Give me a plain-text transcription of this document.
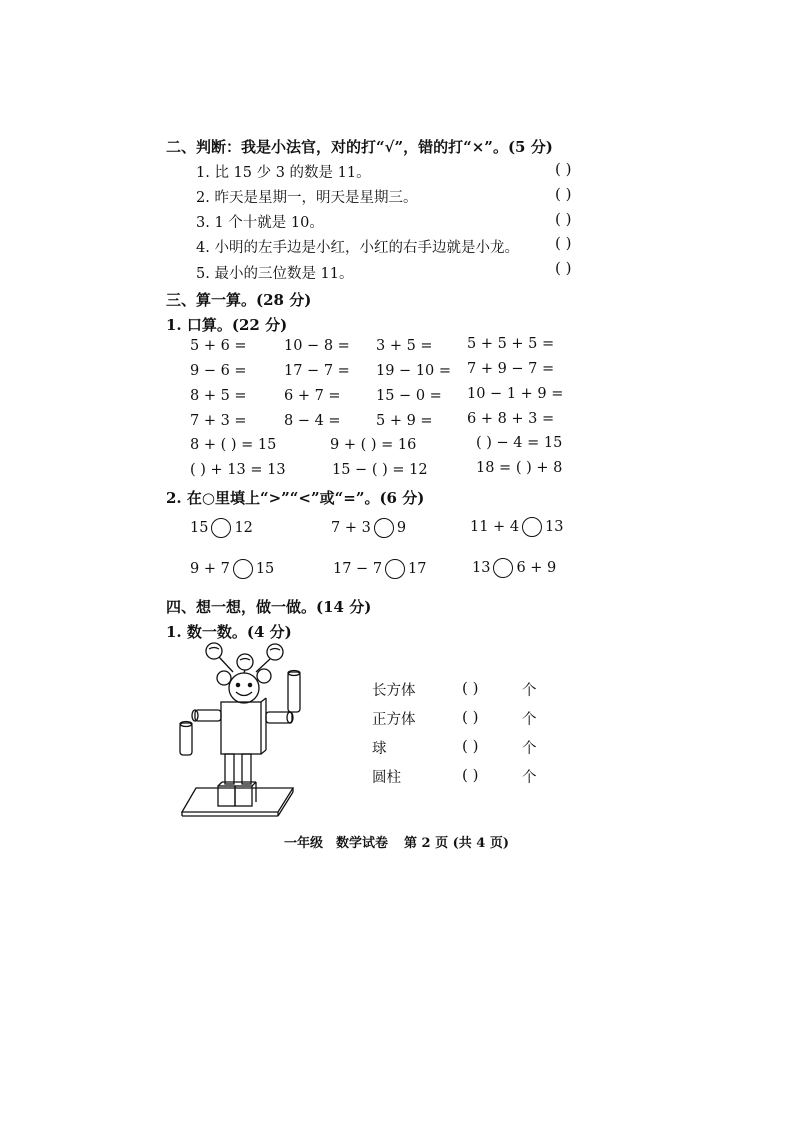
二、判断：我是小法官，对的打“√”，错的打“×”。(5 分)
1. 比 15 少 3 的数是 11。	( )
2. 昨天是星期一，明天是星期三。	( )
3. 1 个十就是 10。	( )
4. 小明的左手边是小红，小红的右手边就是小龙。 ( )
5. 最小的三位数是 11。	( )
三、算一算。(28 分)
1. 口算。(22 分)
5 + 6 =	10 − 8 = 3 + 5 = 5 + 5 + 5 =
9 − 6 =	17 − 7 = 19 − 10 = 7 + 9 − 7 =
8 + 5 =	6 + 7 = 15 − 0 = 10 − 1 + 9 =
7 + 3 =	8 − 4 = 5 + 9 = 6 + 8 + 3 =
8 + ( ) = 15	9 + ( ) = 16	( ) − 4 = 15
( ) + 13 = 13	15 − ( ) = 12	18 = ( ) + 8
2. 在○里填上“>”“<”或“=”。(6 分)
15 12	7 + 3 9	11 + 4 13
9 + 7 15	17 − 7 17	13 6 + 9
四、想一想，做一做。(14 分)
1. 数一数。(4 分)
长方体	( )	个
正方体	( )	个
球	( )	个
圆柱	( )	个
一年级　数学试卷 第 2 页 (共 4 页)
